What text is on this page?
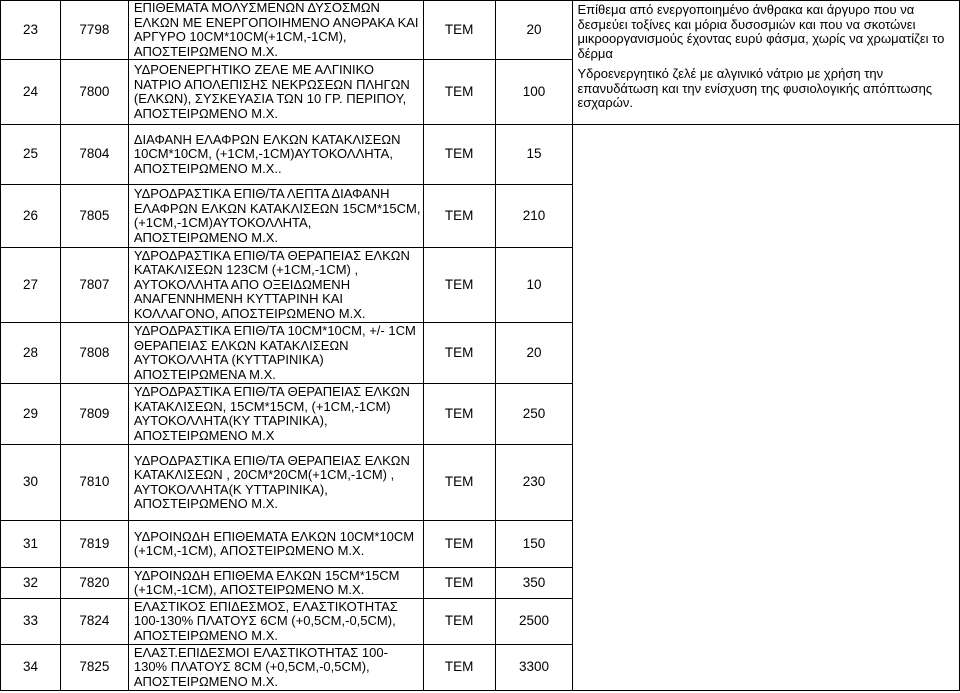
23	7798	ΕΠΙΘΕΜΑΤΑ ΜΟΛΥΣΜΕΝΩΝ ΔΥΣΟΣΜΩΝ ΕΛΚΩΝ ΜΕ ΕΝΕΡΓΟΠΟΙΗΜΕΝΟ ΑΝΘΡΑΚΑ ΚΑΙ ΑΡΓΥΡΟ 10CM*10CM(+1CM,-1CM), ΑΠΟΣΤΕΙΡΩΜΕΝΟ Μ.Χ.	ΤΕΜ	20	Επίθεμα από ενεργοποιημένο άνθρακα και άργυρο που να δεσμεύει τοξίνες και μόρια δυσοσμιών και που να σκοτώνει μικροοργανισμούς έχοντας ευρύ φάσμα, χωρίς να χρωματίζει το δέρμα
Υδροενεργητικό ζελέ με αλγινικό νάτριο με χρήση την επανυδάτωση και την ενίσχυση της φυσιολογικής απόπτωσης εσχαρών.

24	7800	ΥΔΡΟΕΝΕΡΓΗΤΙΚΟ ΖΕΛΕ ΜΕ ΑΛΓΙΝΙΚΟ ΝΑΤΡΙΟ ΑΠΟΛΕΠΙΣΗΣ ΝΕΚΡΩΣΕΩΝ ΠΛΗΓΩΝ (ΕΛΚΩΝ), ΣΥΣΚΕΥΑΣΙΑ ΤΩΝ 10 ΓΡ. ΠΕΡΙΠΟΥ, ΑΠΟΣΤΕΙΡΩΜΕΝΟ Μ.Χ.	ΤΕΜ	100	
25	7804	ΔΙΑΦΑΝΗ ΕΛΑΦΡΩΝ ΕΛΚΩΝ ΚΑΤΑΚΛΙΣΕΩΝ 10CM*10CM, (+1CM,-1CM)ΑΥΤΟΚΟΛΛΗΤΑ, ΑΠΟΣΤΕΙΡΩΜΕΝΟ Μ.Χ..	ΤΕΜ	15	
26	7805	ΥΔΡΟΔΡΑΣΤΙΚΑ ΕΠΙΘ/ΤΑ ΛΕΠΤΑ ΔΙΑΦΑΝΗ ΕΛΑΦΡΩΝ ΕΛΚΩΝ ΚΑΤΑΚΛΙΣΕΩΝ 15CM*15CM, (+1CM,-1CM)ΑΥΤΟΚΟΛΛΗΤΑ, ΑΠΟΣΤΕΙΡΩΜΕΝΟ Μ.Χ.	ΤΕΜ	210	
27	7807	ΥΔΡΟΔΡΑΣΤΙΚΑ ΕΠΙΘ/ΤΑ ΘΕΡΑΠΕΙΑΣ ΕΛΚΩΝ ΚΑΤΑΚΛΙΣΕΩΝ 123CM (+1CM,-1CM) , ΑΥΤΟΚΟΛΛΗΤΑ ΑΠΟ ΟΞΕΙΔΩΜΕΝΗ ΑΝΑΓΕΝΝΗΜΕΝΗ ΚΥΤΤΑΡΙΝΗ ΚΑΙ ΚΟΛΛΑΓΟΝΟ, ΑΠΟΣΤΕΙΡΩΜΕΝΟ Μ.Χ.	ΤΕΜ	10	
28	7808	ΥΔΡΟΔΡΑΣΤΙΚΑ ΕΠΙΘ/ΤΑ 10CM*10CM, +/- 1CM ΘΕΡΑΠΕΙΑΣ ΕΛΚΩΝ ΚΑΤΑΚΛΙΣΕΩΝ ΑΥΤΟΚΟΛΛΗΤΑ (ΚΥΤΤΑΡΙΝΙΚΑ) ΑΠΟΣΤΕΙΡΩΜΕΝΑ Μ.Χ.	ΤΕΜ	20	
29	7809	ΥΔΡΟΔΡΑΣΤΙΚΑ ΕΠΙΘ/ΤΑ ΘΕΡΑΠΕΙΑΣ ΕΛΚΩΝ ΚΑΤΑΚΛΙΣΕΩΝ, 15CM*15CM, (+1CM,-1CM) ΑΥΤΟΚΟΛΛΗΤΑ(ΚΥ ΤΤΑΡΙΝΙΚΑ), ΑΠΟΣΤΕΙΡΩΜΕΝΟ Μ.Χ	ΤΕΜ	250	
30	7810	ΥΔΡΟΔΡΑΣΤΙΚΑ ΕΠΙΘ/ΤΑ ΘΕΡΑΠΕΙΑΣ ΕΛΚΩΝ ΚΑΤΑΚΛΙΣΕΩΝ , 20CM*20CM(+1CM,-1CM) , ΑΥΤΟΚΟΛΛΗΤΑ(Κ ΥΤΤΑΡΙΝΙΚΑ), ΑΠΟΣΤΕΙΡΩΜΕΝΟ Μ.Χ.	ΤΕΜ	230	
31	7819	ΥΔΡΟΙΝΩΔΗ ΕΠΙΘΕΜΑΤΑ ΕΛΚΩΝ 10CM*10CM (+1CM,-1CM), ΑΠΟΣΤΕΙΡΩΜΕΝΟ Μ.Χ.	ΤΕΜ	150	
32	7820	ΥΔΡΟΙΝΩΔΗ ΕΠΙΘΕΜΑ ΕΛΚΩΝ 15CM*15CM (+1CM,-1CM), ΑΠΟΣΤΕΙΡΩΜΕΝΟ Μ.Χ.	ΤΕΜ	350	
33	7824	ΕΛΑΣΤΙΚΟΣ ΕΠΙΔΕΣΜΟΣ, ΕΛΑΣΤΙΚΟΤΗΤΑΣ 100-130% ΠΛΑΤΟΥΣ 6CM (+0,5CM,-0,5CM), ΑΠΟΣΤΕΙΡΩΜΕΝΟ Μ.Χ.	ΤΕΜ	2500	
34	7825	ΕΛΑΣΤ.ΕΠΙΔΕΣΜΟΙ ΕΛΑΣΤΙΚΟΤΗΤΑΣ 100-130% ΠΛΑΤΟΥΣ 8CM (+0,5CM,-0,5CM), ΑΠΟΣΤΕΙΡΩΜΕΝΟ Μ.Χ.	ΤΕΜ	3300	
